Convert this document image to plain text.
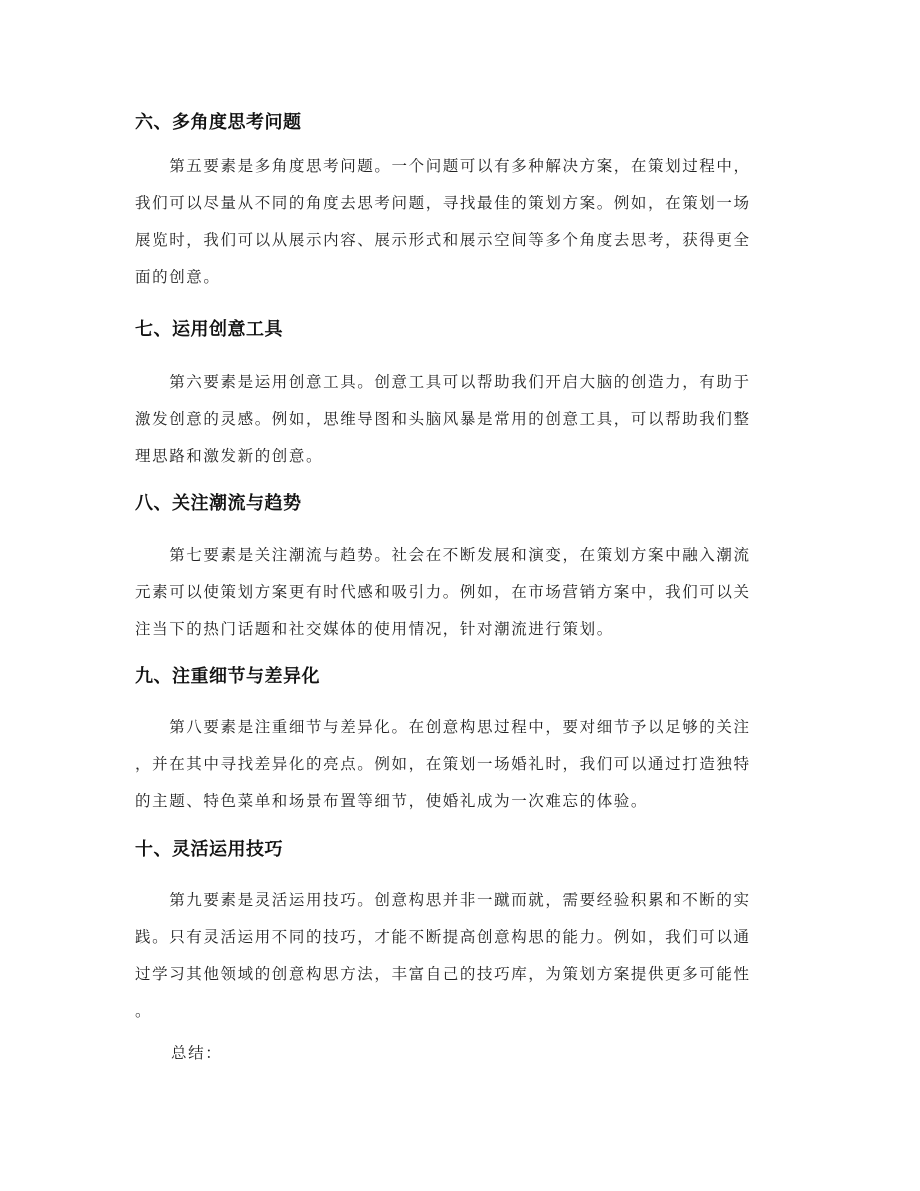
六、多角度思考问题
　　第五要素是多角度思考问题。一个问题可以有多种解决方案，在策划过程中，
我们可以尽量从不同的角度去思考问题，寻找最佳的策划方案。例如，在策划一场
展览时，我们可以从展示内容、展示形式和展示空间等多个角度去思考，获得更全
面的创意。
七、运用创意工具
　　第六要素是运用创意工具。创意工具可以帮助我们开启大脑的创造力，有助于
激发创意的灵感。例如，思维导图和头脑风暴是常用的创意工具，可以帮助我们整
理思路和激发新的创意。
八、关注潮流与趋势
　　第七要素是关注潮流与趋势。社会在不断发展和演变，在策划方案中融入潮流
元素可以使策划方案更有时代感和吸引力。例如，在市场营销方案中，我们可以关
注当下的热门话题和社交媒体的使用情况，针对潮流进行策划。
九、注重细节与差异化
　　第八要素是注重细节与差异化。在创意构思过程中，要对细节予以足够的关注
，并在其中寻找差异化的亮点。例如，在策划一场婚礼时，我们可以通过打造独特
的主题、特色菜单和场景布置等细节，使婚礼成为一次难忘的体验。
十、灵活运用技巧
　　第九要素是灵活运用技巧。创意构思并非一蹴而就，需要经验积累和不断的实
践。只有灵活运用不同的技巧，才能不断提高创意构思的能力。例如，我们可以通
过学习其他领域的创意构思方法，丰富自己的技巧库，为策划方案提供更多可能性
。
总结：
